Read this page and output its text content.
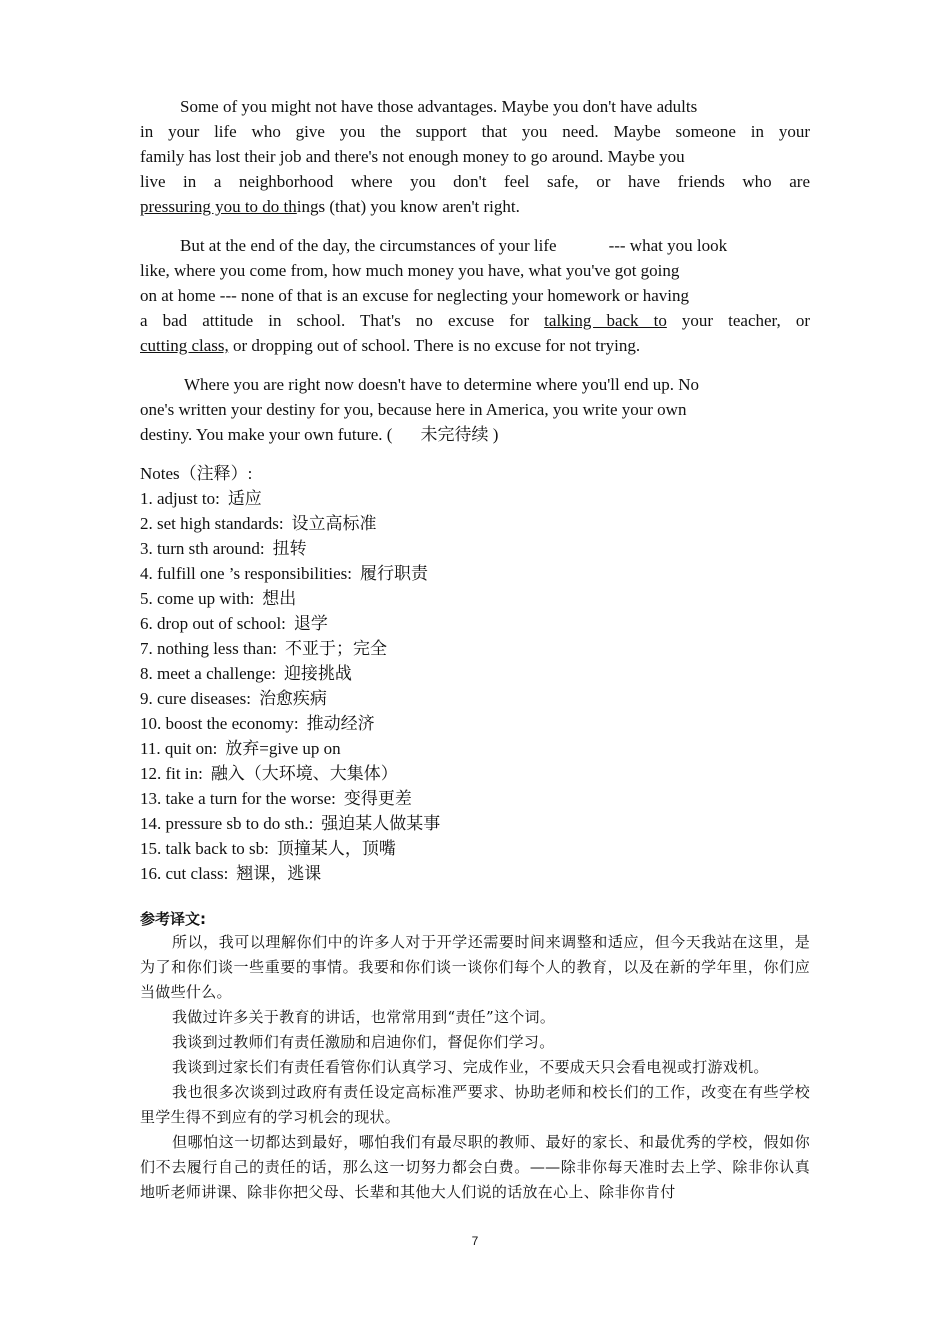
Some of you might not have those advantages. Maybe you don't have adults
in your life who give you the support that you need. Maybe someone in your
family has lost their job and there's not enough money to go around. Maybe you
live in a neighborhood where you don't feel safe, or have friends who are
pressuring you to do things (that) you know aren't right.
But at the end of the day, the circumstances of your life	--- what you look
like, where you come from, how much money you have, what you've got going
on at home --- none of that is an excuse for neglecting your homework or having
a bad attitude in school. That's no excuse for talking back to your teacher, or
cutting class, or dropping out of school. There is no excuse for not trying.
Where you are right now doesn't have to determine where you'll end up. No
one's written your destiny for you, because here in America, you write your own
destiny. You make your own future. ( 未完待续 )
Notes（注释）:
1. adjust to: 适应
2. set high standards: 设立高标准
3. turn sth around: 扭转
4. fulfill one ’s responsibilities: 履行职责
5. come up with: 想出
6. drop out of school: 退学
7. nothing less than: 不亚于；完全
8. meet a challenge: 迎接挑战
9. cure diseases: 治愈疾病
10. boost the economy: 推动经济
11. quit on: 放弃=give up on
12. fit in: 融入（大环境、大集体）
13. take a turn for the worse: 变得更差
14. pressure sb to do sth.: 强迫某人做某事
15. talk back to sb: 顶撞某人，顶嘴
16. cut class: 翘课，逃课
参考译文:
所以，我可以理解你们中的许多人对于开学还需要时间来调整和适应，但今天我站在这里，是为了和你们谈一些重要的事情。我要和你们谈一谈你们每个人的教育，以及在新的学年里，你们应当做些什么。
我做过许多关于教育的讲话，也常常用到“责任”这个词。
我谈到过教师们有责任激励和启迪你们，督促你们学习。
我谈到过家长们有责任看管你们认真学习、完成作业，不要成天只会看电视或打游戏机。
我也很多次谈到过政府有责任设定高标准严要求、协助老师和校长们的工作，改变在有些学校里学生得不到应有的学习机会的现状。
但哪怕这一切都达到最好，哪怕我们有最尽职的教师、最好的家长、和最优秀的学校，假如你们不去履行自己的责任的话，那么这一切努力都会白费。——除非你每天准时去上学、除非你认真地听老师讲课、除非你把父母、长辈和其他大人们说的话放在心上、除非你肯付
7
